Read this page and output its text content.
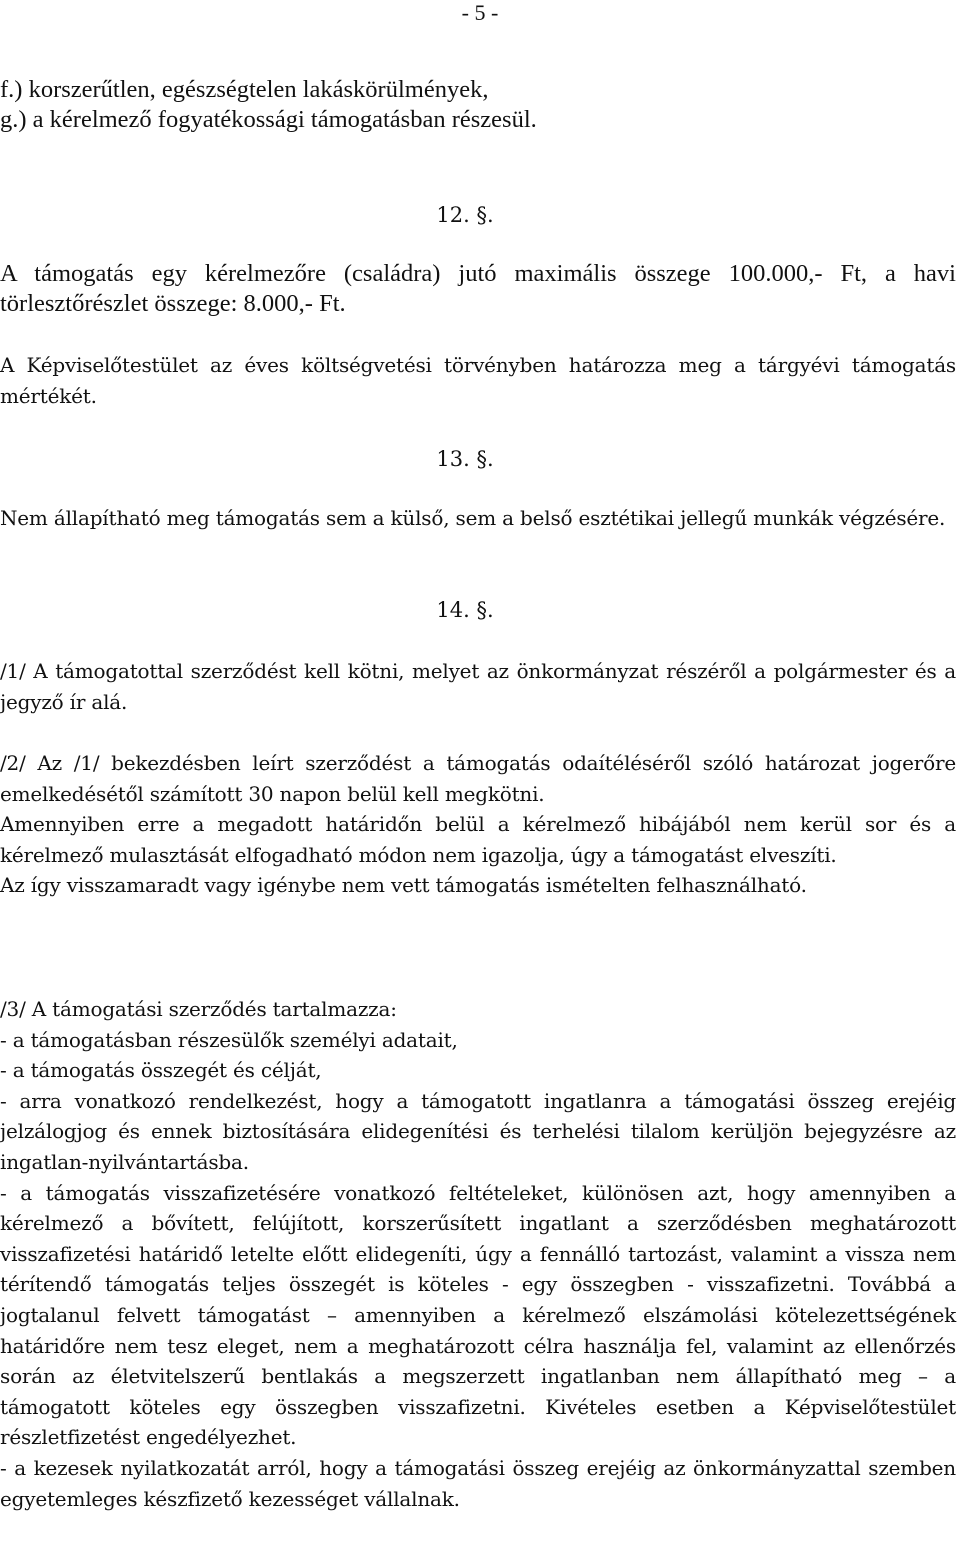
- 5 -

f.) korszerűtlen, egészségtelen lakáskörülmények,

g.) a kérelmező fogyatékossági támogatásban részesül.

12. §.

A támogatás egy kérelmezőre (családra) jutó maximális összege 100.000,- Ft, a havi törlesztőrészlet összege: 8.000,- Ft.

A Képviselőtestület az éves költségvetési törvényben határozza meg a tárgyévi támogatás mértékét.

13. §.

Nem állapítható meg támogatás sem a külső, sem a belső esztétikai jellegű munkák végzésére.

14. §.

/1/ A támogatottal szerződést kell kötni, melyet az önkormányzat részéről a polgármester és a jegyző ír alá.

/2/ Az /1/ bekezdésben leírt szerződést a támogatás odaítéléséről szóló határozat jogerőre emelkedésétől számított 30 napon belül kell megkötni.

Amennyiben erre a megadott határidőn belül a kérelmező hibájából nem kerül sor és a kérelmező mulasztását elfogadható módon nem igazolja, úgy a támogatást elveszíti.

Az így visszamaradt vagy igénybe nem vett támogatás ismételten felhasználható.

/3/ A támogatási szerződés tartalmazza:

- a támogatásban részesülők személyi adatait,

- a támogatás összegét és célját,

- arra vonatkozó rendelkezést, hogy a támogatott ingatlanra a támogatási összeg erejéig jelzálogjog és ennek biztosítására elidegenítési és terhelési tilalom kerüljön bejegyzésre az ingatlan-nyilvántartásba.

- a támogatás visszafizetésére vonatkozó feltételeket, különösen azt, hogy amennyiben a kérelmező a bővített, felújított, korszerűsített ingatlant a szerződésben meghatározott visszafizetési határidő letelte előtt elidegeníti, úgy a fennálló tartozást, valamint a vissza nem térítendő támogatás teljes összegét is köteles - egy összegben - visszafizetni. Továbbá a jogtalanul felvett támogatást – amennyiben a kérelmező elszámolási kötelezettségének határidőre nem tesz eleget, nem a meghatározott célra használja fel, valamint az ellenőrzés során az életvitelszerű bentlakás a megszerzett ingatlanban nem állapítható meg – a támogatott köteles egy összegben visszafizetni. Kivételes esetben a Képviselőtestület részletfizetést engedélyezhet.

- a kezesek nyilatkozatát arról, hogy a támogatási összeg erejéig az önkormányzattal szemben egyetemleges készfizető kezességet vállalnak.
